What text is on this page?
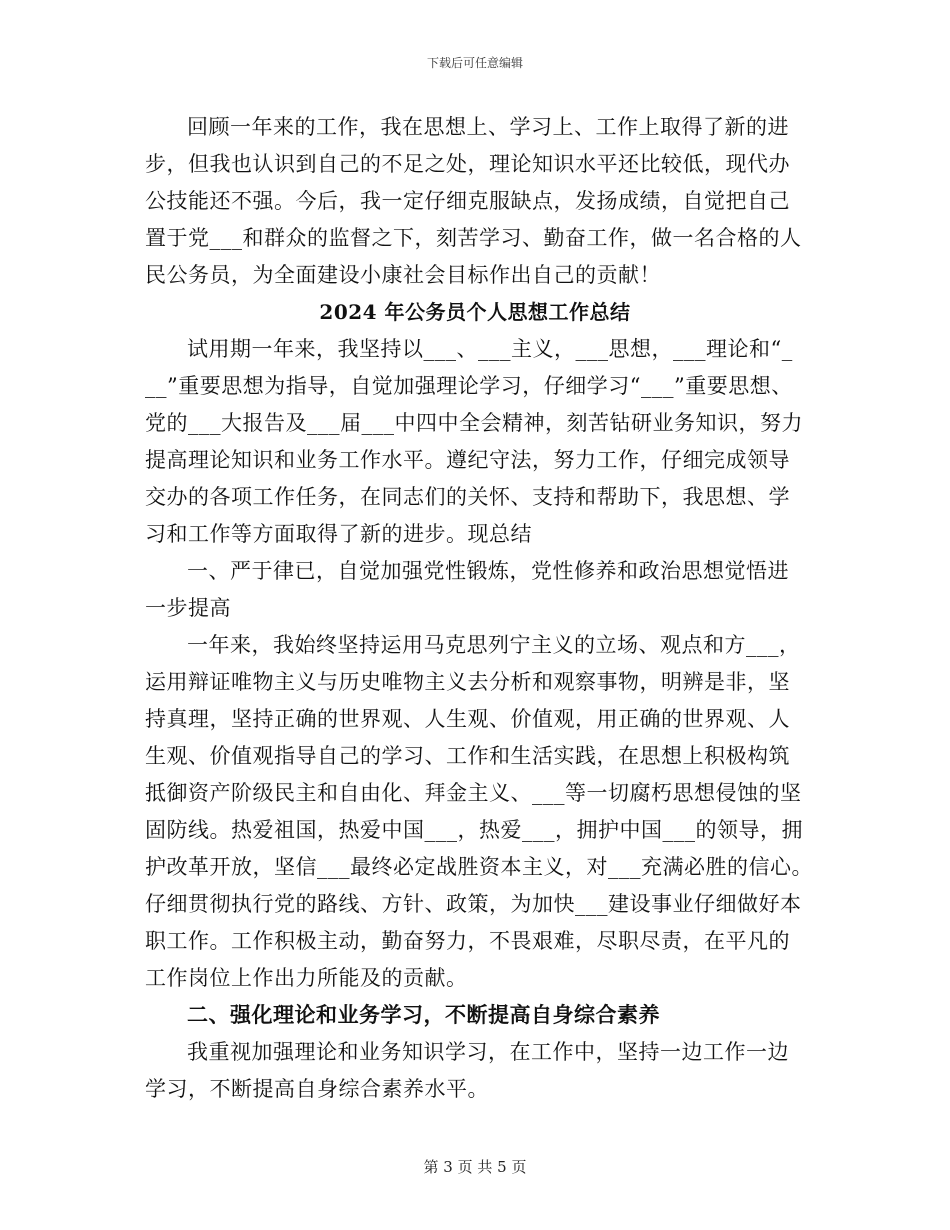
下载后可任意编辑
回顾一年来的工作，我在思想上、学习上、工作上取得了新的进
步，但我也认识到自己的不足之处，理论知识水平还比较低，现代办
公技能还不强。今后，我一定仔细克服缺点，发扬成绩，自觉把自己
置于党___和群众的监督之下，刻苦学习、勤奋工作，做一名合格的人
民公务员，为全面建设小康社会目标作出自己的贡献！
2024 年公务员个人思想工作总结
试用期一年来，我坚持以___、___主义，___思想，___理论和“_
__”重要思想为指导，自觉加强理论学习，仔细学习“___”重要思想、
党的___大报告及___届___中四中全会精神，刻苦钻研业务知识，努力
提高理论知识和业务工作水平。遵纪守法，努力工作，仔细完成领导
交办的各项工作任务，在同志们的关怀、支持和帮助下，我思想、学
习和工作等方面取得了新的进步。现总结
一、严于律已，自觉加强党性锻炼，党性修养和政治思想觉悟进
一步提高
一年来，我始终坚持运用马克思列宁主义的立场、观点和方___，
运用辩证唯物主义与历史唯物主义去分析和观察事物，明辨是非，坚
持真理，坚持正确的世界观、人生观、价值观，用正确的世界观、人
生观、价值观指导自己的学习、工作和生活实践，在思想上积极构筑
抵御资产阶级民主和自由化、拜金主义、___等一切腐朽思想侵蚀的坚
固防线。热爱祖国，热爱中国___，热爱___，拥护中国___的领导，拥
护改革开放，坚信___最终必定战胜资本主义，对___充满必胜的信心。
仔细贯彻执行党的路线、方针、政策，为加快___建设事业仔细做好本
职工作。工作积极主动，勤奋努力，不畏艰难，尽职尽责，在平凡的
工作岗位上作出力所能及的贡献。
二、强化理论和业务学习，不断提高自身综合素养
我重视加强理论和业务知识学习，在工作中，坚持一边工作一边
学习，不断提高自身综合素养水平。
第 3 页 共 5 页
